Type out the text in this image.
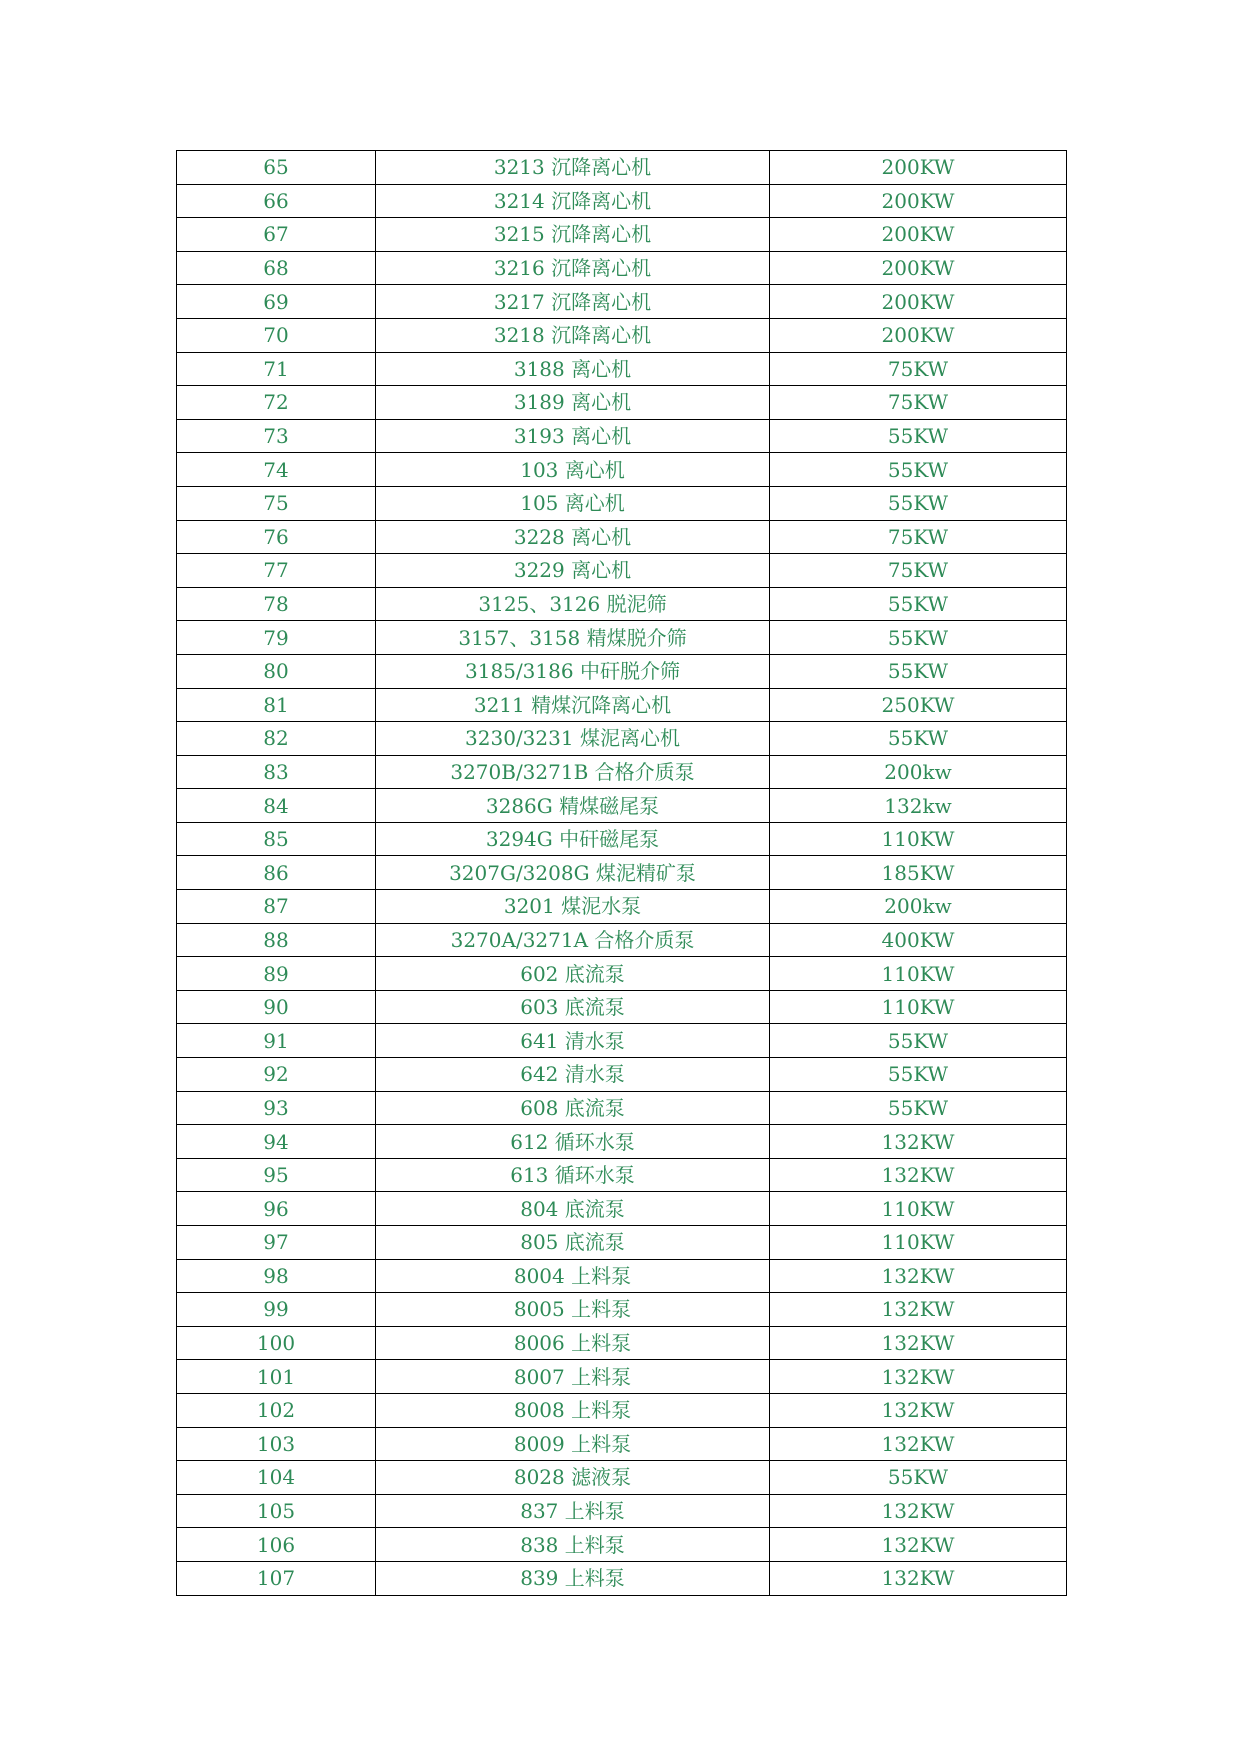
65	3213 沉降离心机	200KW
66	3214 沉降离心机	200KW
67	3215 沉降离心机	200KW
68	3216 沉降离心机	200KW
69	3217 沉降离心机	200KW
70	3218 沉降离心机	200KW
71	3188 离心机	75KW
72	3189 离心机	75KW
73	3193 离心机	55KW
74	103 离心机	55KW
75	105 离心机	55KW
76	3228 离心机	75KW
77	3229 离心机	75KW
78	3125、3126 脱泥筛	55KW
79	3157、3158 精煤脱介筛	55KW
80	3185/3186 中矸脱介筛	55KW
81	3211 精煤沉降离心机	250KW
82	3230/3231 煤泥离心机	55KW
83	3270B/3271B 合格介质泵	200kw
84	3286G 精煤磁尾泵	132kw
85	3294G 中矸磁尾泵	110KW
86	3207G/3208G 煤泥精矿泵	185KW
87	3201 煤泥水泵	200kw
88	3270A/3271A 合格介质泵	400KW
89	602 底流泵	110KW
90	603 底流泵	110KW
91	641 清水泵	55KW
92	642 清水泵	55KW
93	608 底流泵	55KW
94	612 循环水泵	132KW
95	613 循环水泵	132KW
96	804 底流泵	110KW
97	805 底流泵	110KW
98	8004 上料泵	132KW
99	8005 上料泵	132KW
100	8006 上料泵	132KW
101	8007 上料泵	132KW
102	8008 上料泵	132KW
103	8009 上料泵	132KW
104	8028 滤液泵	55KW
105	837 上料泵	132KW
106	838 上料泵	132KW
107	839 上料泵	132KW
